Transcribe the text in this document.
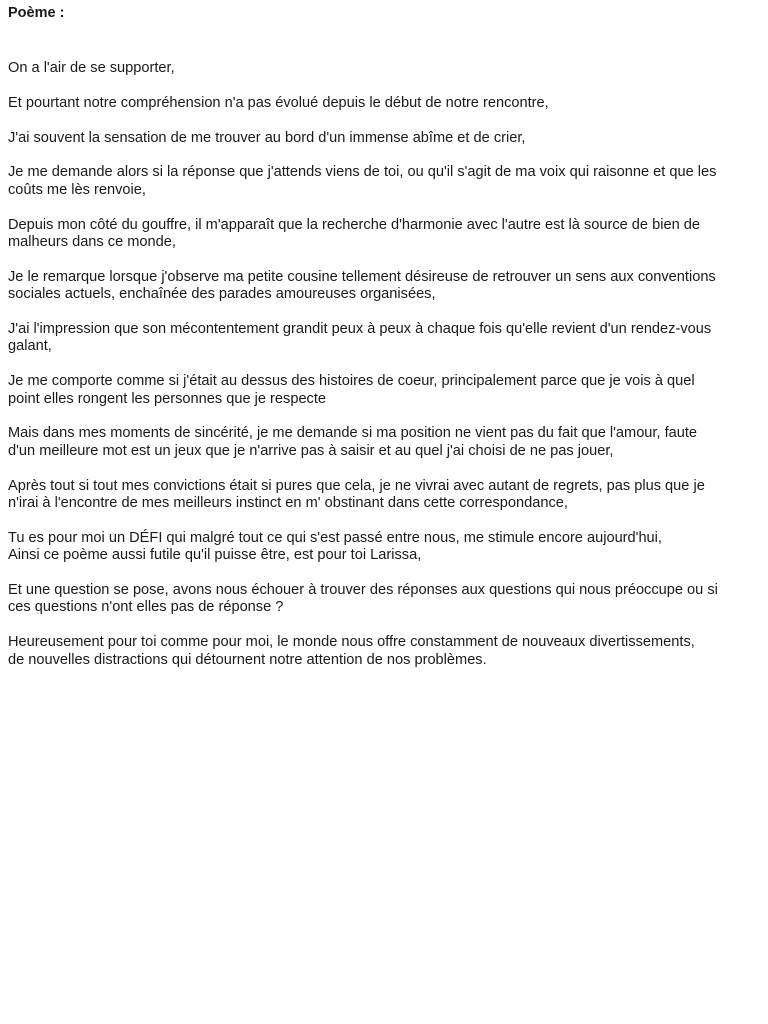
Poème :

On a l'air de se supporter,

Et pourtant notre compréhension n'a pas évolué depuis le début de notre rencontre,

J'ai souvent la sensation de me trouver au bord d'un immense abîme et de crier,

Je me demande alors si la réponse que j'attends viens de toi, ou qu'il s'agit de ma voix qui raisonne et que les
coûts me lès renvoie,

Depuis mon côté du gouffre, il m'apparaît que la recherche d'harmonie avec l'autre est là source de bien de
malheurs dans ce monde,

Je le remarque lorsque j'observe ma petite cousine tellement désireuse de retrouver un sens aux conventions
sociales actuels, enchaînée des parades amoureuses organisées,

J'ai l'impression que son mécontentement grandit peux à peux à chaque fois qu'elle revient d'un rendez-vous
galant,

Je me comporte comme si j'était au dessus des histoires de coeur, principalement parce que je vois à quel
point elles rongent les personnes que je respecte

Mais dans mes moments de sincérité, je me demande si ma position ne vient pas du fait que l'amour, faute
d'un meilleure mot est un jeux que je n'arrive pas à saisir et au quel j'ai choisi de ne pas jouer,

Après tout si tout mes convictions était si pures que cela, je ne vivrai avec autant de regrets, pas plus que je
n'irai à l'encontre de mes meilleurs instinct en m' obstinant dans cette correspondance,

Tu es pour moi un DÉFI qui malgré tout ce qui s'est passé entre nous, me stimule encore aujourd'hui,
Ainsi ce poème aussi futile qu'il puisse être, est pour toi Larissa,

Et une question se pose, avons nous échouer à trouver des réponses aux questions qui nous préoccupe ou si
ces questions n'ont elles pas de réponse ?

Heureusement pour toi comme pour moi, le monde nous offre constamment de nouveaux divertissements,
de nouvelles distractions qui détournent notre attention de nos problèmes.
